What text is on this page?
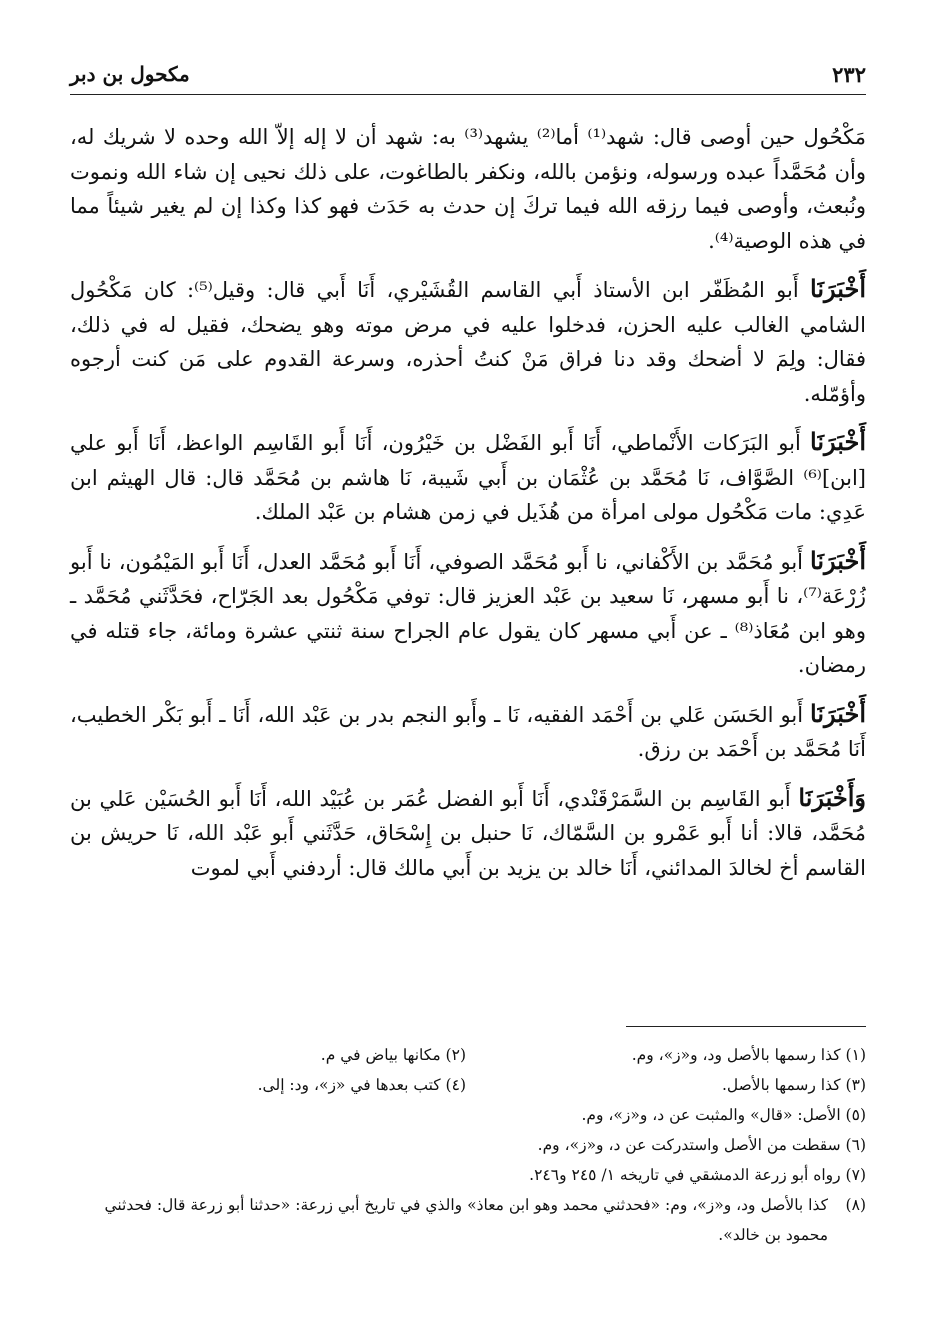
٢٣٢
مكحول بن دبر

مَكْحُول حين أوصى قال: شهد⁽¹⁾ أما⁽²⁾ يشهد⁽³⁾ به: شهد أن لا إله إلاّ الله وحده لا شريك له، وأن مُحَمَّداً عبده ورسوله، ونؤمن بالله، ونكفر بالطاغوت، على ذلك نحيى إن شاء الله ونموت ونُبعث، وأوصى فيما رزقه الله فيما تركَ إن حدث به حَدَث فهو كذا وكذا إن لم يغير شيئاً مما في هذه الوصية⁽⁴⁾.

أَخْبَرَنَا أَبو المُظَفّر ابن الأستاذ أَبي القاسم القُشَيْري، أَنَا أَبي قال: وقيل⁽⁵⁾: كان مَكْحُول الشامي الغالب عليه الحزن، فدخلوا عليه في مرض موته وهو يضحك، فقيل له في ذلك، فقال: ولِمَ لا أضحك وقد دنا فراق مَنْ كنتُ أحذره، وسرعة القدوم على مَن كنت أرجوه وأؤمّله.

أَخْبَرَنَا أَبو البَرَكات الأَنْماطي، أَنَا أَبو الفَضْل بن خَيْرُون، أَنَا أَبو القَاسِم الواعظ، أَنَا أَبو علي [ابن]⁽⁶⁾ الصَّوَّاف، نَا مُحَمَّد بن عُثْمَان بن أَبي شَيبة، نَا هاشم بن مُحَمَّد قال: قال الهيثم ابن عَدِي: مات مَكْحُول مولى امرأة من هُذَيل في زمن هشام بن عَبْد الملك.

أَخْبَرَنَا أَبو مُحَمَّد بن الأَكْفاني، نا أَبو مُحَمَّد الصوفي، أَنَا أَبو مُحَمَّد العدل، أَنَا أَبو المَيْمُون، نا أَبو زُرْعَة⁽⁷⁾، نا أَبو مسهر، نَا سعيد بن عَبْد العزيز قال: توفي مَكْحُول بعد الجَرّاح، فحَدَّثَني مُحَمَّد ـ وهو ابن مُعَاذ⁽⁸⁾ ـ عن أَبي مسهر كان يقول عام الجراح سنة ثنتي عشرة ومائة، جاء قتله في رمضان.

أَخْبَرَنَا أَبو الحَسَن عَلي بن أَحْمَد الفقيه، نَا ـ وأَبو النجم بدر بن عَبْد الله، أَنَا ـ أَبو بَكْر الخطيب، أَنَا مُحَمَّد بن أَحْمَد بن رزق.

وَأَخْبَرَنَا أَبو القَاسِم بن السَّمَرْقَنْدي، أَنَا أَبو الفضل عُمَر بن عُبَيْد الله، أَنَا أَبو الحُسَيْن عَلي بن مُحَمَّد، قالا: أنا أَبو عَمْرو بن السَّمّاك، نَا حنبل بن إِسْحَاق، حَدَّثَني أَبو عَبْد الله، نَا حريش بن القاسم أخ لخالدَ المدائني، أَنَا خالد بن يزيد بن أَبي مالك قال: أردفني أَبي لموت

(١) كذا رسمها بالأصل ود، و«ز»، وم.
(٢) مكانها بياض في م.
(٣) كذا رسمها بالأصل.
(٤) كتب بعدها في «ز»، ود: إلى.
(٥) الأصل: «قال» والمثبت عن د، و«ز»، وم.
(٦) سقطت من الأصل واستدركت عن د، و«ز»، وم.
(٧) رواه أبو زرعة الدمشقي في تاريخه ١/ ٢٤٥ و٢٤٦.
(٨)
كذا بالأصل ود، و«ز»، وم: «فحدثني محمد وهو ابن معاذ» والذي في تاريخ أبي زرعة: «حدثنا أبو زرعة قال: فحدثني محمود بن خالد».
